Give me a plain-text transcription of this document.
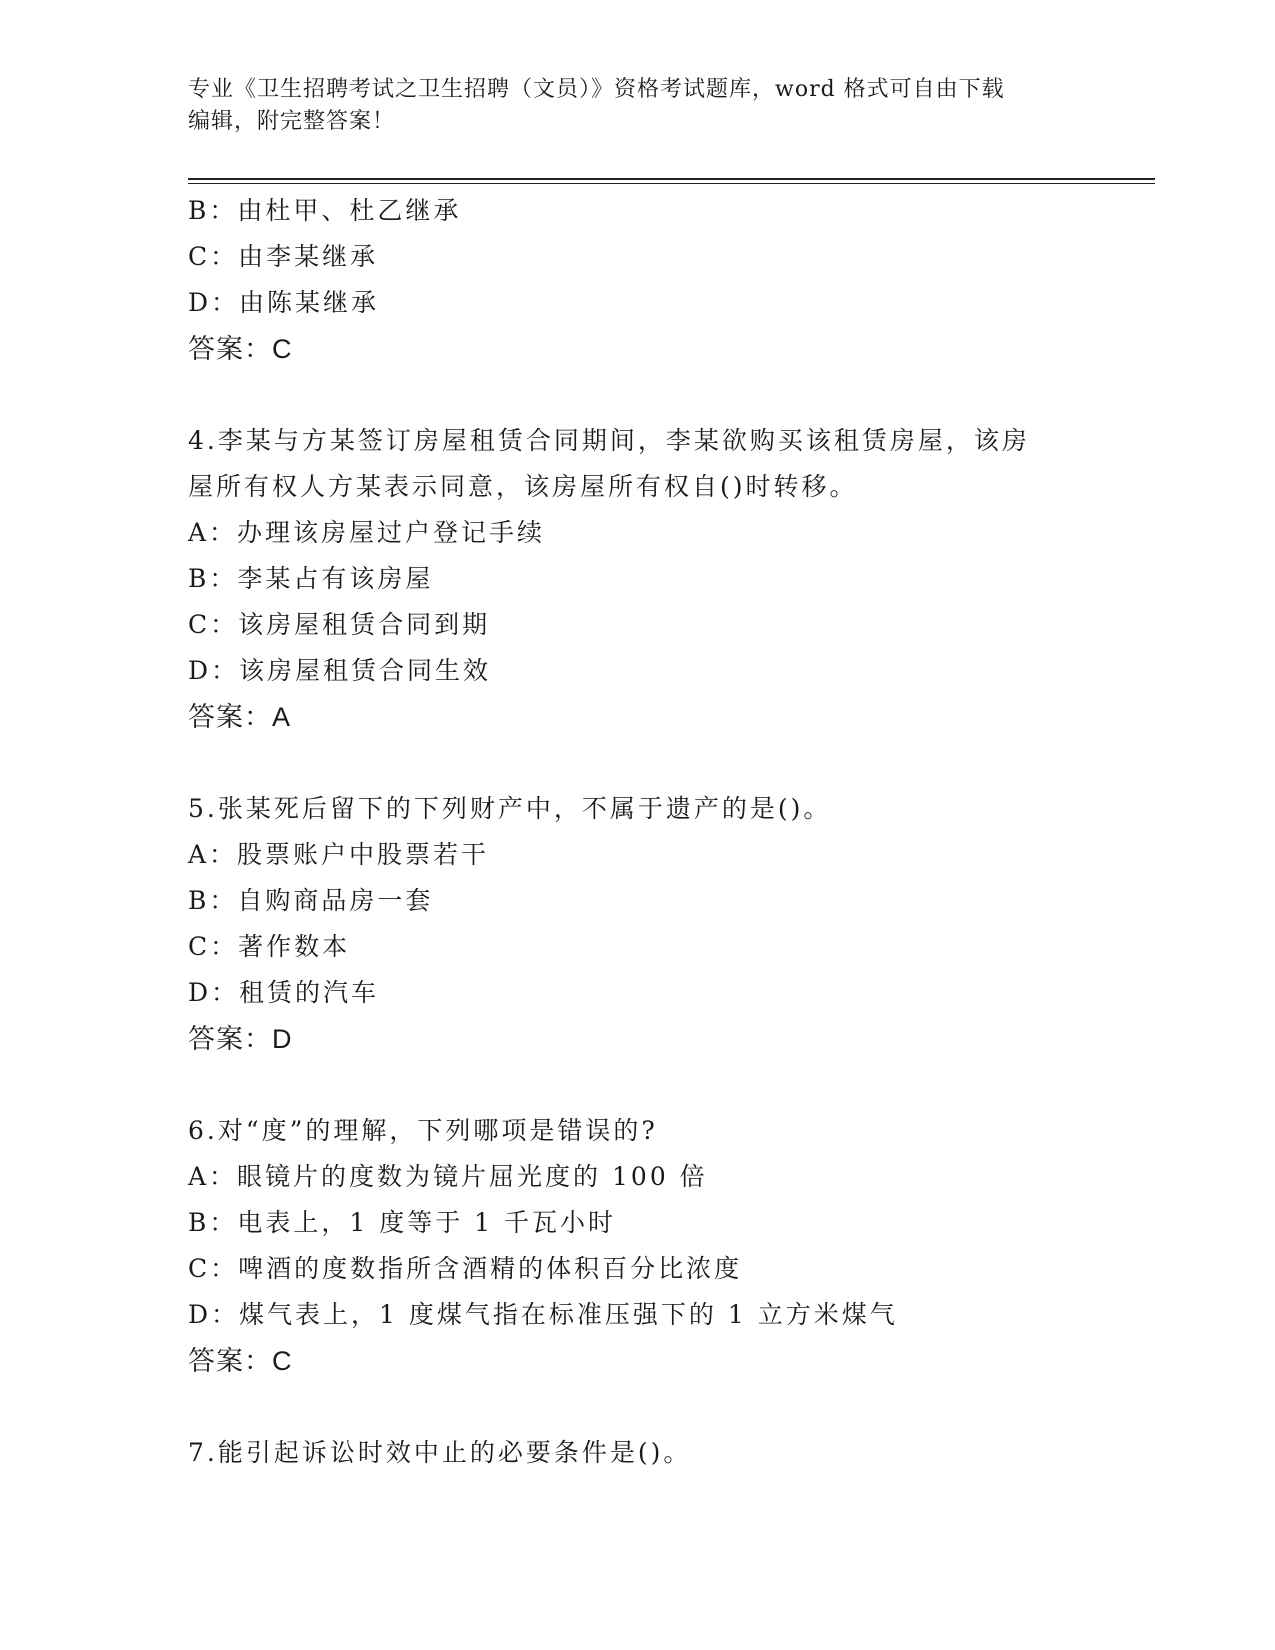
专业《卫生招聘考试之卫生招聘（文员）》资格考试题库，word 格式可自由下载
编辑，附完整答案！
B：由杜甲、杜乙继承
C：由李某继承
D：由陈某继承
答案：C
4.李某与方某签订房屋租赁合同期间，李某欲购买该租赁房屋，该房
屋所有权人方某表示同意，该房屋所有权自()时转移。
A：办理该房屋过户登记手续
B：李某占有该房屋
C：该房屋租赁合同到期
D：该房屋租赁合同生效
答案：A
5.张某死后留下的下列财产中，不属于遗产的是()。
A：股票账户中股票若干
B：自购商品房一套
C：著作数本
D：租赁的汽车
答案：D
6.对“度”的理解，下列哪项是错误的?
A：眼镜片的度数为镜片屈光度的 100 倍
B：电表上，1 度等于 1 千瓦小时
C：啤酒的度数指所含酒精的体积百分比浓度
D：煤气表上，1 度煤气指在标准压强下的 1 立方米煤气
答案：C
7.能引起诉讼时效中止的必要条件是()。
